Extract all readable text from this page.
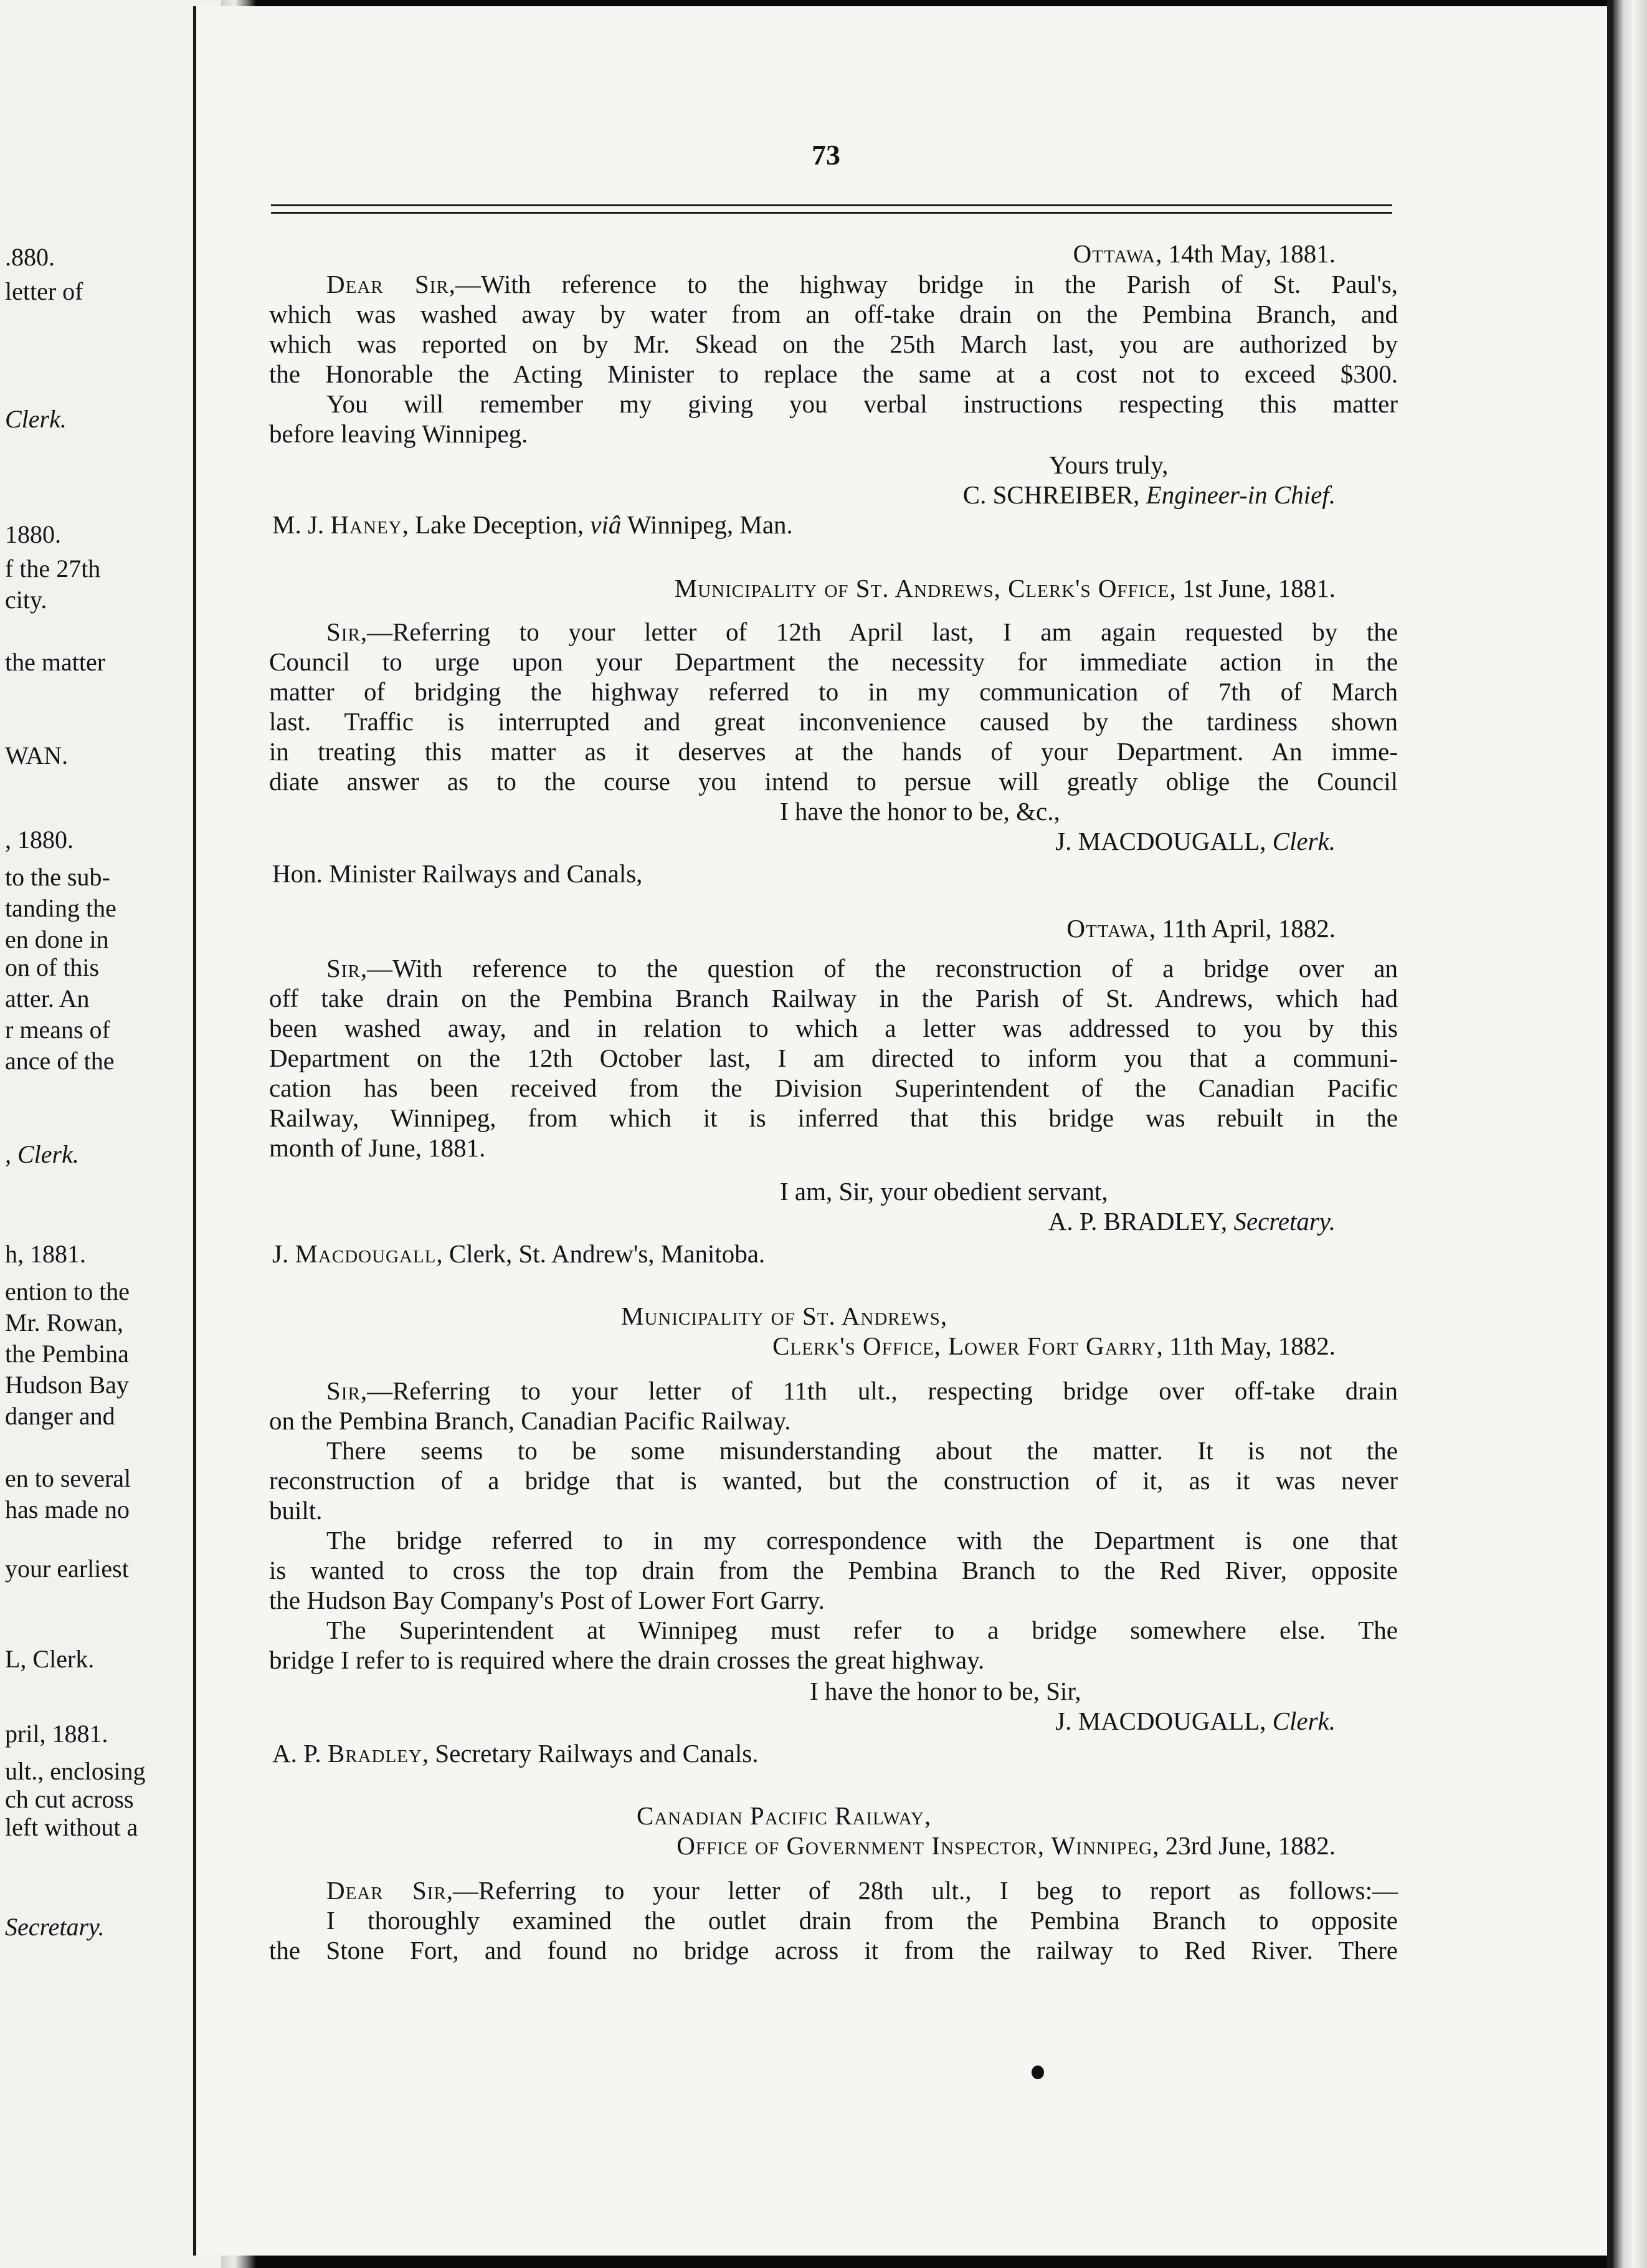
.880.
letter of
Clerk.
1880.
f the 27th
city.
the matter
WAN.
, 1880.
to the sub-
tanding the
en done in
on of this
atter. An
r means of
ance of the
, Clerk.
h, 1881.
ention to the
Mr. Rowan,
the Pembina
Hudson Bay
danger and
en to several
has made no
your earliest
L, Clerk.
pril, 1881.
ult., enclosing
ch cut across
left without a
Secretary.
73
Ottawa, 14th May, 1881.
Dear Sir,—With reference to the highway bridge in the Parish of St. Paul's,
which was washed away by water from an off-take drain on the Pembina Branch, and
which was reported on by Mr. Skead on the 25th March last, you are authorized by
the Honorable the Acting Minister to replace the same at a cost not to exceed $300.
You will remember my giving you verbal instructions respecting this matter
before leaving Winnipeg.
Yours truly,
C. SCHREIBER, Engineer-in Chief.
M. J. Haney, Lake Deception, viâ Winnipeg, Man.
Municipality of St. Andrews, Clerk's Office, 1st June, 1881.
Sir,—Referring to your letter of 12th April last, I am again requested by the
Council to urge upon your Department the necessity for immediate action in the
matter of bridging the highway referred to in my communication of 7th of March
last. Traffic is interrupted and great inconvenience caused by the tardiness shown
in treating this matter as it deserves at the hands of your Department. An imme-
diate answer as to the course you intend to persue will greatly oblige the Council
I have the honor to be, &c.,
J. MACDOUGALL, Clerk.
Hon. Minister Railways and Canals,
Ottawa, 11th April, 1882.
Sir,—With reference to the question of the reconstruction of a bridge over an
off take drain on the Pembina Branch Railway in the Parish of St. Andrews, which had
been washed away, and in relation to which a letter was addressed to you by this
Department on the 12th October last, I am directed to inform you that a communi-
cation has been received from the Division Superintendent of the Canadian Pacific
Railway, Winnipeg, from which it is inferred that this bridge was rebuilt in the
month of June, 1881.
I am, Sir, your obedient servant,
A. P. BRADLEY, Secretary.
J. Macdougall, Clerk, St. Andrew's, Manitoba.
Municipality of St. Andrews,
Clerk's Office, Lower Fort Garry, 11th May, 1882.
Sir,—Referring to your letter of 11th ult., respecting bridge over off-take drain
on the Pembina Branch, Canadian Pacific Railway.
There seems to be some misunderstanding about the matter. It is not the
reconstruction of a bridge that is wanted, but the construction of it, as it was never
built.
The bridge referred to in my correspondence with the Department is one that
is wanted to cross the top drain from the Pembina Branch to the Red River, opposite
the Hudson Bay Company's Post of Lower Fort Garry.
The Superintendent at Winnipeg must refer to a bridge somewhere else. The
bridge I refer to is required where the drain crosses the great highway.
I have the honor to be, Sir,
J. MACDOUGALL, Clerk.
A. P. Bradley, Secretary Railways and Canals.
Canadian Pacific Railway,
Office of Government Inspector, Winnipeg, 23rd June, 1882.
Dear Sir,—Referring to your letter of 28th ult., I beg to report as follows:—
I thoroughly examined the outlet drain from the Pembina Branch to opposite
the Stone Fort, and found no bridge across it from the railway to Red River. There
